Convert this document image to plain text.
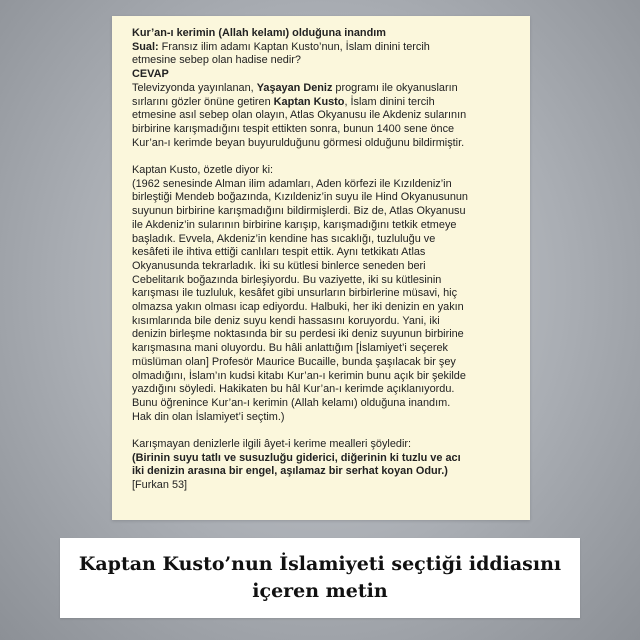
Kur’an-ı kerimin (Allah kelamı) olduğuna inandım

Sual: Fransız ilim adamı Kaptan Kusto’nun, İslam dinini tercih
etmesine sebep olan hadise nedir?

CEVAP

Televizyonda yayınlanan, Yaşayan Deniz programı ile okyanusların
sırlarını gözler önüne getiren Kaptan Kusto, İslam dinini tercih
etmesine asıl sebep olan olayın, Atlas Okyanusu ile Akdeniz sularının
birbirine karışmadığını tespit ettikten sonra, bunun 1400 sene önce
Kur’an-ı kerimde beyan buyurulduğunu görmesi olduğunu bildirmiştir.

Kaptan Kusto, özetle diyor ki:

(1962 senesinde Alman ilim adamları, Aden körfezi ile Kızıldeniz’in
birleştiği Mendeb boğazında, Kızıldeniz’in suyu ile Hind Okyanusunun
suyunun birbirine karışmadığını bildirmişlerdi. Biz de, Atlas Okyanusu
ile Akdeniz’in sularının birbirine karışıp, karışmadığını tetkik etmeye
başladık. Evvela, Akdeniz’in kendine has sıcaklığı, tuzluluğu ve
kesâfeti ile ihtiva ettiği canlıları tespit ettik. Aynı tetkikatı Atlas
Okyanusunda tekrarladık. İki su kütlesi binlerce seneden beri
Cebelitarık boğazında birleşiyordu. Bu vaziyette, iki su kütlesinin
karışması ile tuzluluk, kesâfet gibi unsurların birbirlerine müsavi, hiç
olmazsa yakın olması icap ediyordu. Halbuki, her iki denizin en yakın
kısımlarında bile deniz suyu kendi hassasını koruyordu. Yani, iki
denizin birleşme noktasında bir su perdesi iki deniz suyunun birbirine
karışmasına mani oluyordu. Bu hâli anlattığım [İslamiyet’i seçerek
müslüman olan] Profesör Maurice Bucaille, bunda şaşılacak bir şey
olmadığını, İslam’ın kudsi kitabı Kur’an-ı kerimin bunu açık bir şekilde
yazdığını söyledi. Hakikaten bu hâl Kur’an-ı kerimde açıklanıyordu.
Bunu öğrenince Kur’an-ı kerimin (Allah kelamı) olduğuna inandım.
Hak din olan İslamiyet’i seçtim.)

Karışmayan denizlerle ilgili âyet-i kerime mealleri şöyledir:

(Birinin suyu tatlı ve susuzluğu giderici, diğerinin ki tuzlu ve acı
iki denizin arasına bir engel, aşılamaz bir serhat koyan Odur.)

[Furkan 53]

Kaptan Kusto’nun İslamiyeti seçtiği iddiasını
içeren metin
